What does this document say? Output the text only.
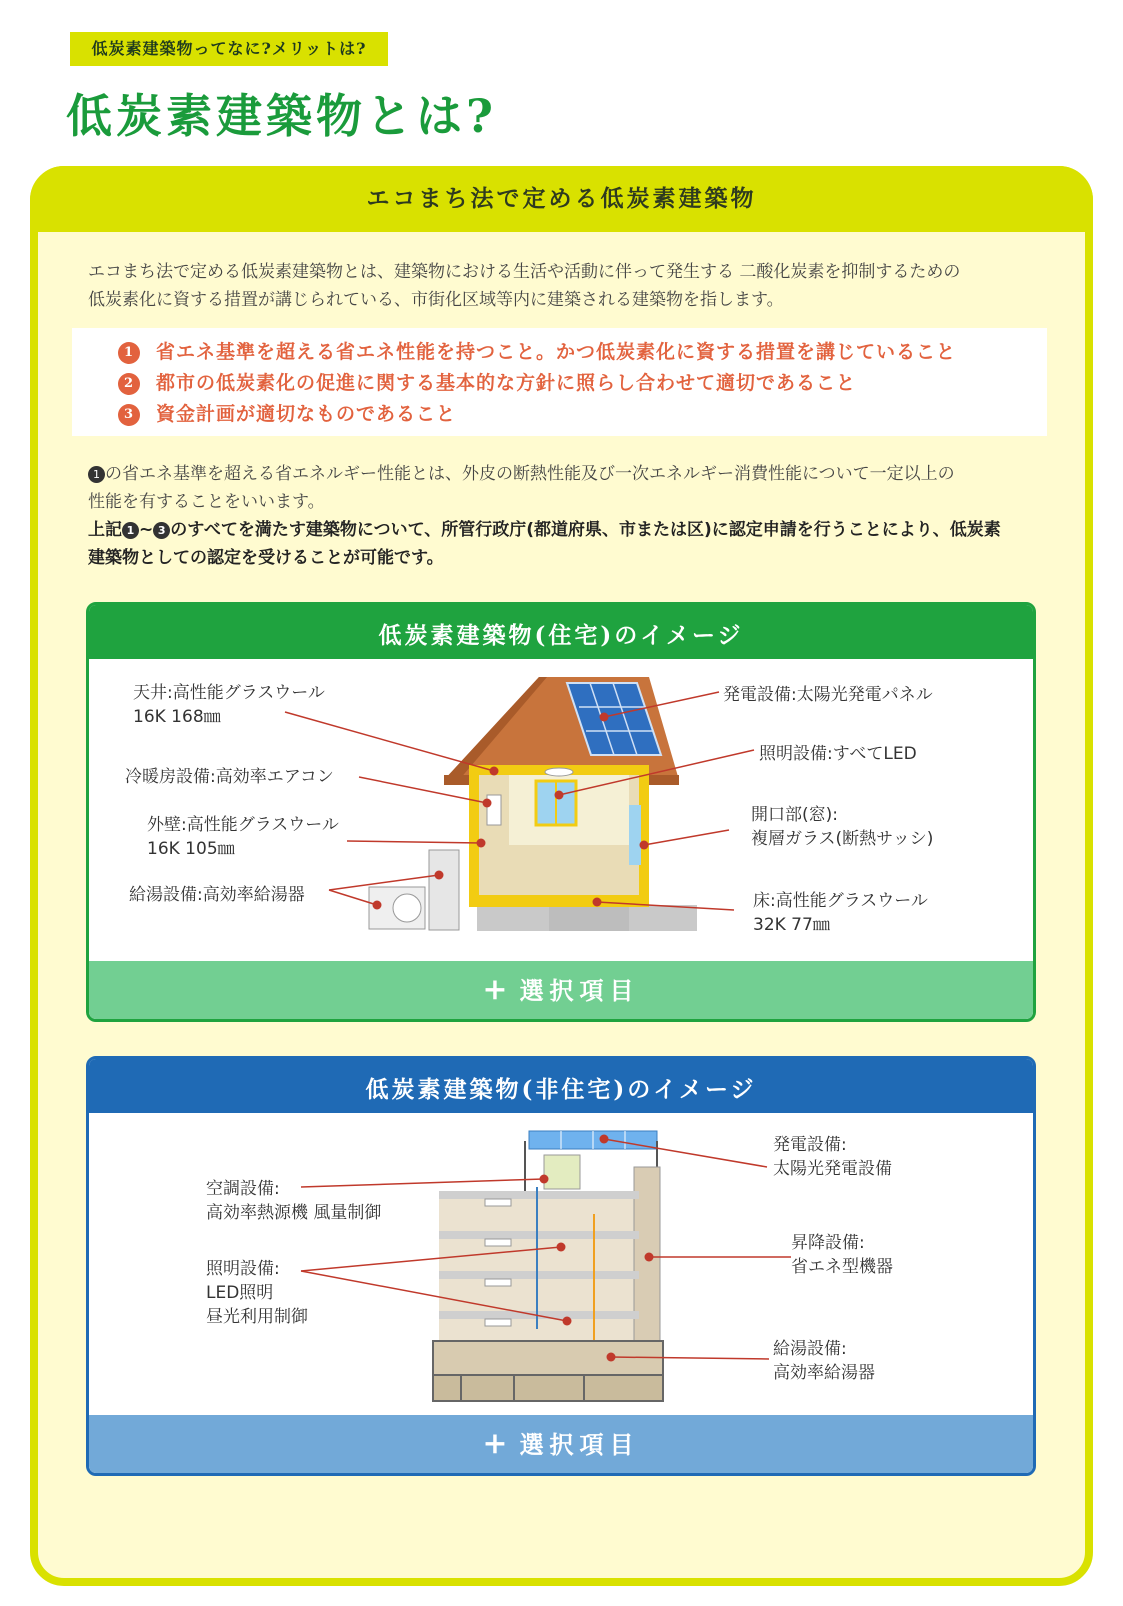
低炭素建築物ってなに?メリットは?
低炭素建築物とは?
エコまち法で定める低炭素建築物
エコまち法で定める低炭素建築物とは、建築物における生活や活動に伴って発生する 二酸化炭素を抑制するための
低炭素化に資する措置が講じられている、市街化区域等内に建築される建築物を指します。
1 省エネ基準を超える省エネ性能を持つこと。かつ低炭素化に資する措置を講じていること
2 都市の低炭素化の促進に関する基本的な方針に照らし合わせて適切であること
3 資金計画が適切なものであること
1 の省エネ基準を超える省エネルギー性能とは、外皮の断熱性能及び一次エネルギー消費性能について一定以上の
性能を有することをいいます。
上記 1 ~ 3 のすべてを満たす建築物について、所管行政庁(都道府県、市または区)に認定申請を行うことにより、低炭素
建築物としての認定を受けることが可能です。
低炭素建築物(住宅)のイメージ
天井:高性能グラスウール
16K 168㎜
冷暖房設備:高効率エアコン
外壁:高性能グラスウール
16K 105㎜
給湯設備:高効率給湯器
発電設備:太陽光発電パネル
照明設備:すべてLED
開口部(窓):
複層ガラス(断熱サッシ)
床:高性能グラスウール
32K 77㎜
+ 選択項目
低炭素建築物(非住宅)のイメージ
空調設備:
高効率熱源機 風量制御
照明設備:
LED照明
昼光利用制御
発電設備:
太陽光発電設備
昇降設備:
省エネ型機器
給湯設備:
高効率給湯器
+ 選択項目
